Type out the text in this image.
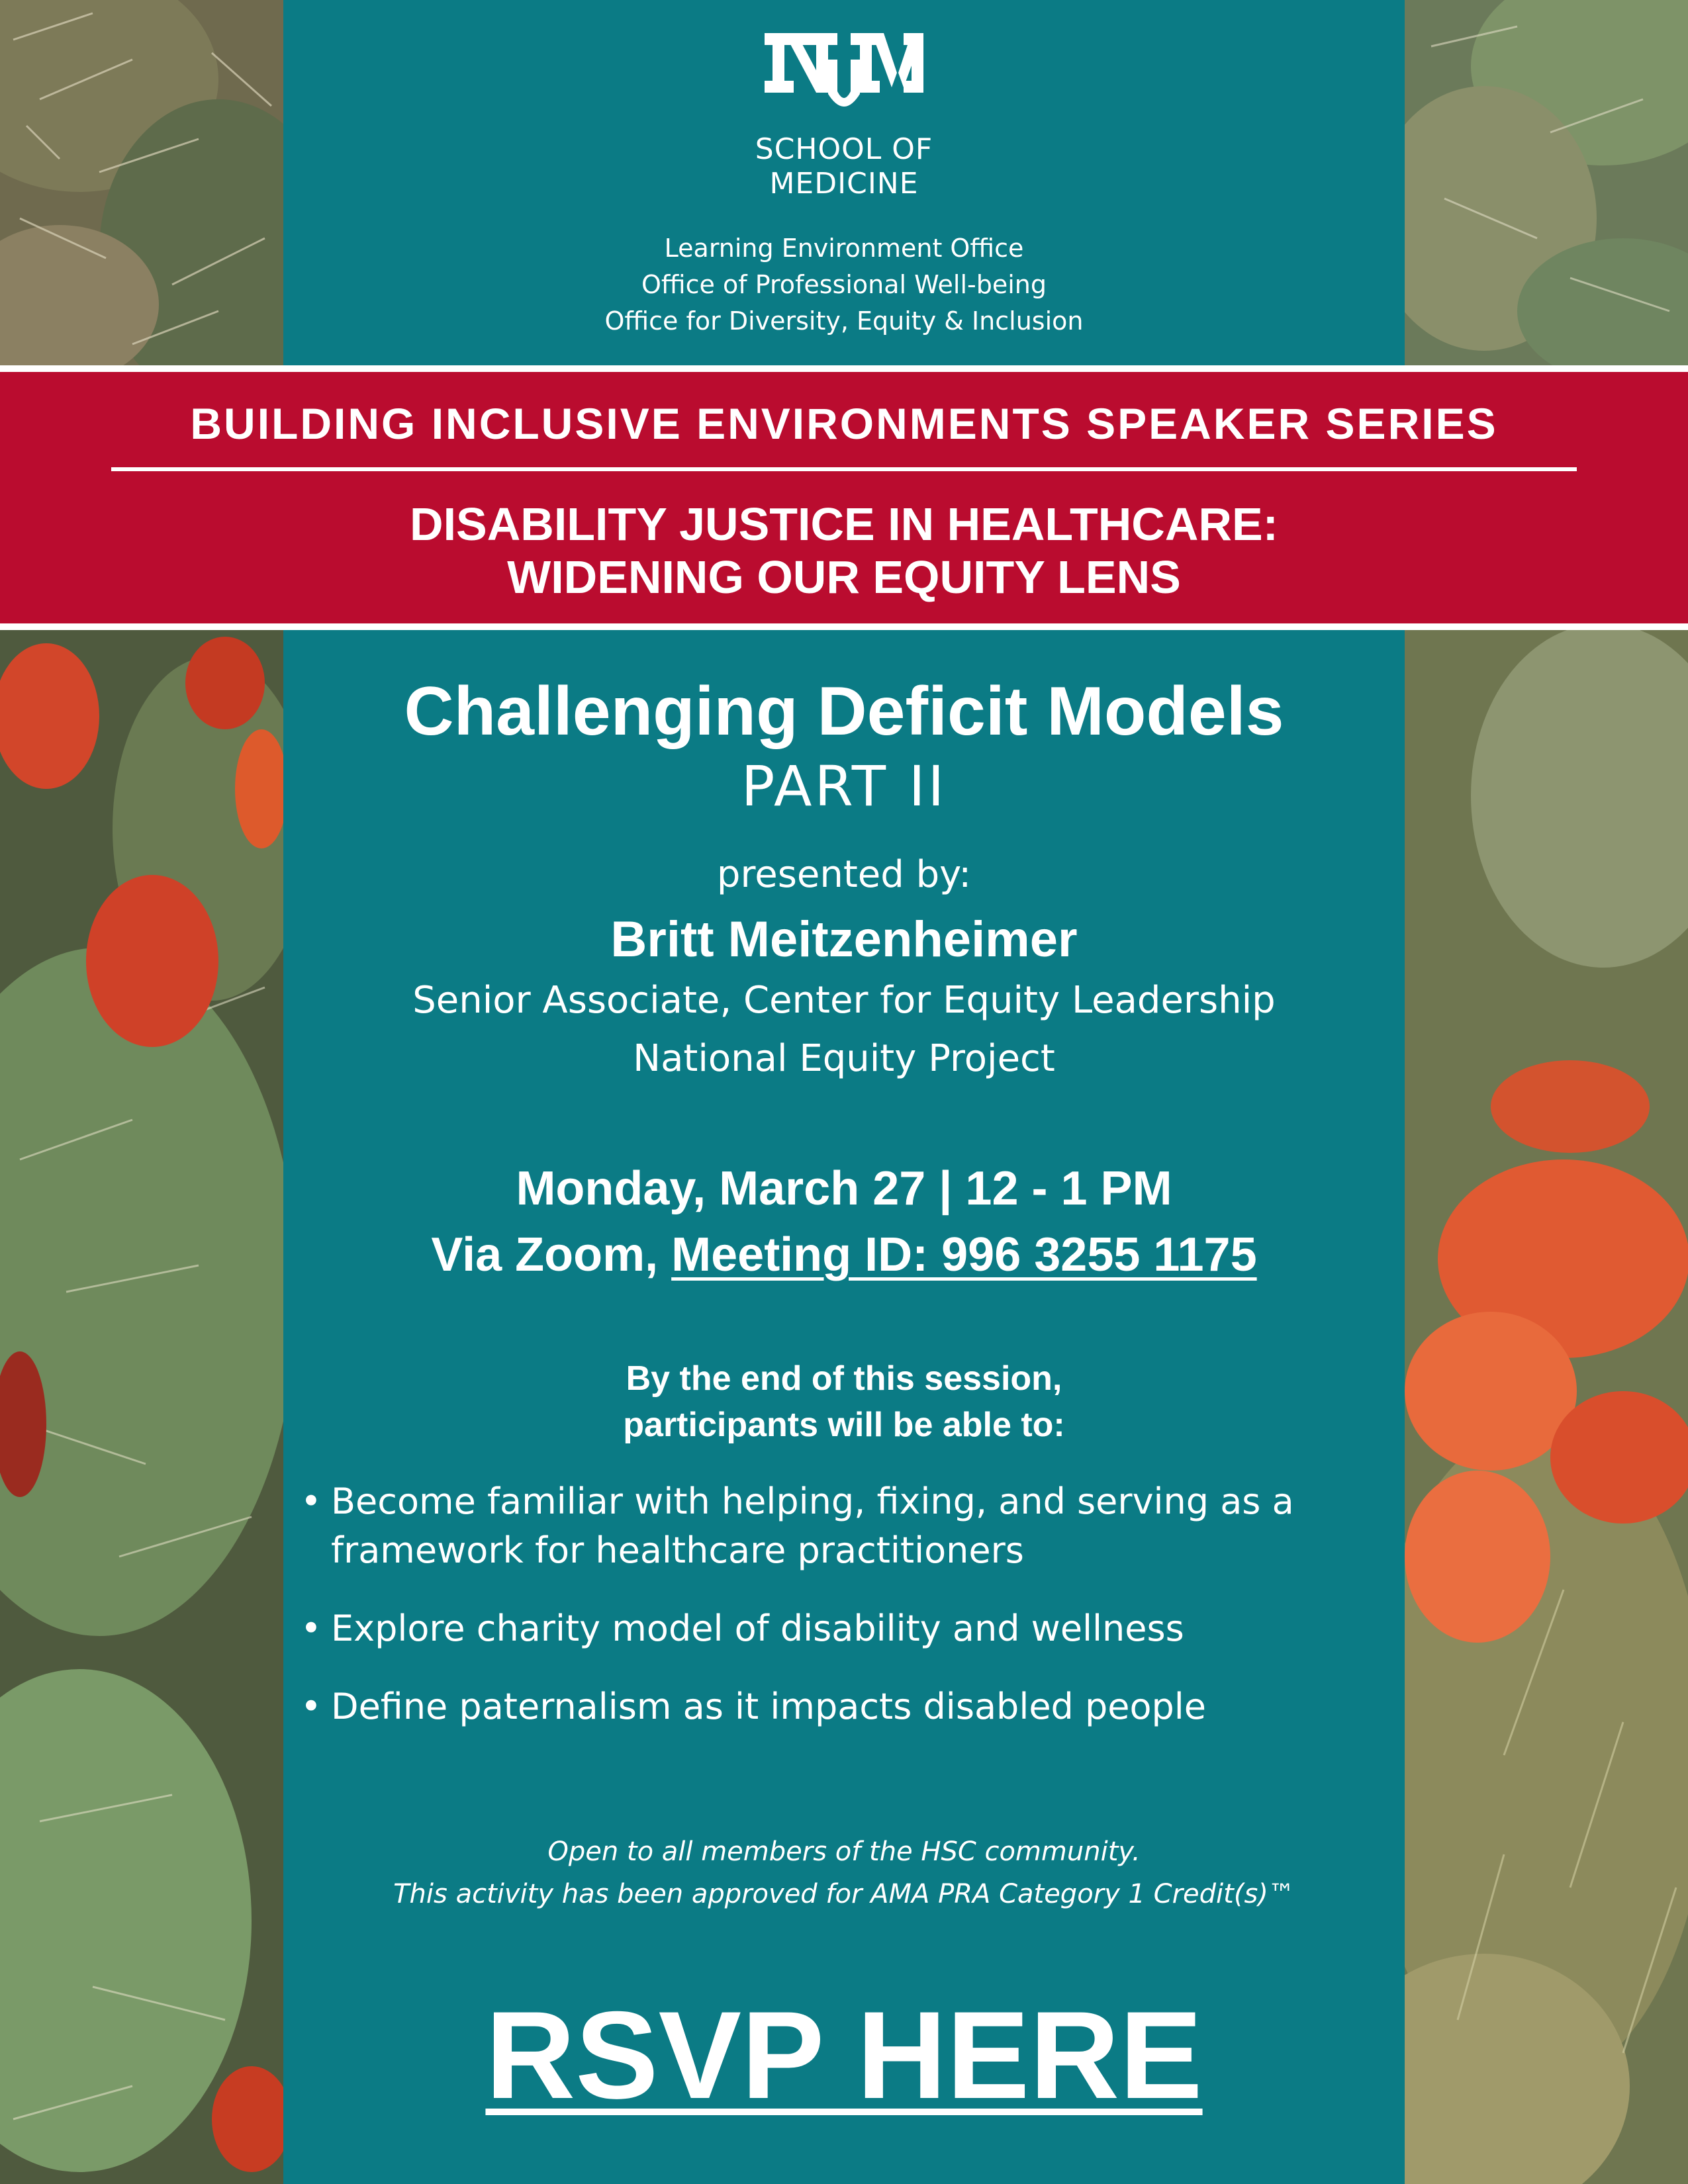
SCHOOL OF
MEDICINE
Learning Environment Office
Office of Professional Well-being
Office for Diversity, Equity & Inclusion
BUILDING INCLUSIVE ENVIRONMENTS SPEAKER SERIES
DISABILITY JUSTICE IN HEALTHCARE:
WIDENING OUR EQUITY LENS
Challenging Deficit Models
PART II
presented by:
Britt Meitzenheimer
Senior Associate, Center for Equity Leadership
National Equity Project
Monday, March 27 | 12 - 1 PM
Via Zoom, Meeting ID: 996 3255 1175
By the end of this session,
participants will be able to:
• Become familiar with helping, fixing, and serving as a
framework for healthcare practitioners
• Explore charity model of disability and wellness
• Define paternalism as it impacts disabled people
Open to all members of the HSC community.
This activity has been approved for AMA PRA Category 1 Credit(s)™
RSVP HERE
